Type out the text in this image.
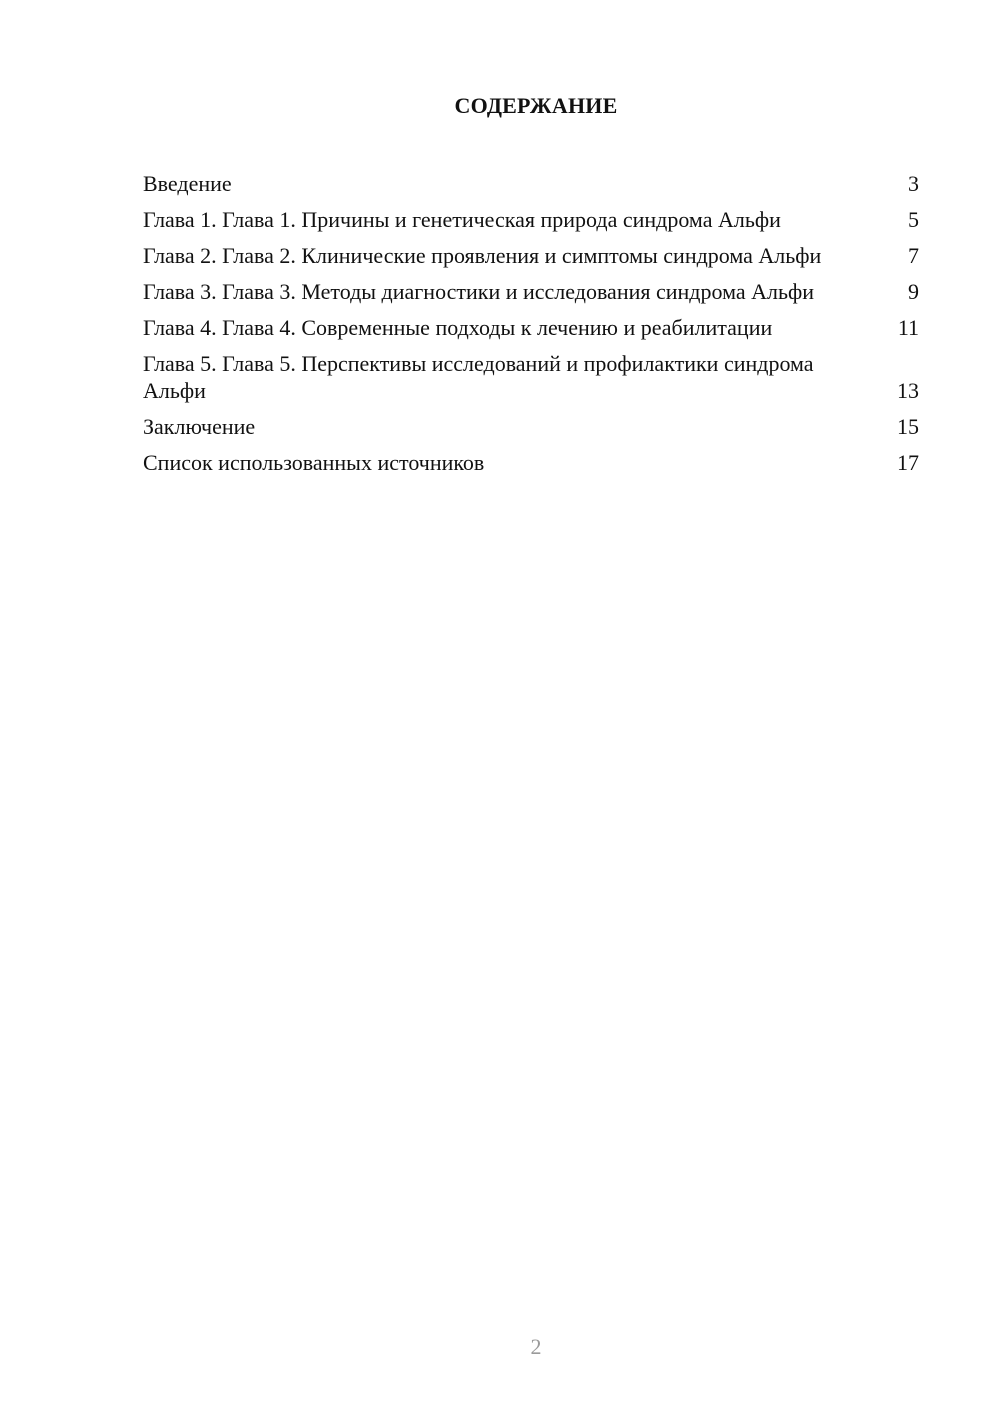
СОДЕРЖАНИЕ
Введение	3
Глава 1. Глава 1. Причины и генетическая природа синдрома Альфи	5
Глава 2. Глава 2. Клинические проявления и симптомы синдрома Альфи	7
Глава 3. Глава 3. Методы диагностики и исследования синдрома Альфи	9
Глава 4. Глава 4. Современные подходы к лечению и реабилитации	11
Глава 5. Глава 5. Перспективы исследований и профилактики синдрома Альфи	13
Заключение	15
Список использованных источников	17
2
